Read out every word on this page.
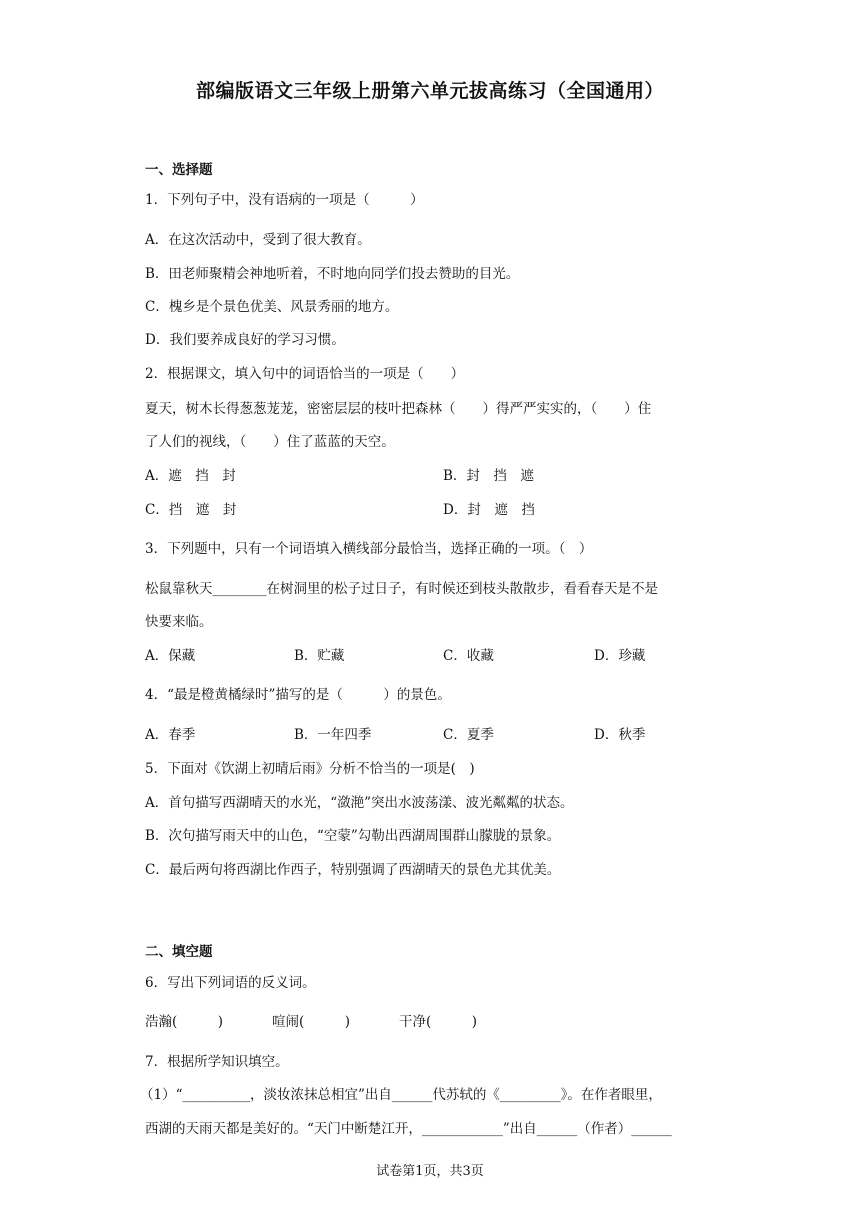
部编版语文三年级上册第六单元拔高练习（全国通用）
一、选择题
1．下列句子中，没有语病的一项是（　　　）
A．在这次活动中，受到了很大教育。
B．田老师聚精会神地听着，不时地向同学们投去赞助的目光。
C．槐乡是个景色优美、风景秀丽的地方。
D．我们要养成良好的学习习惯。
2．根据课文，填入句中的词语恰当的一项是（　　）
夏天，树木长得葱葱茏茏，密密层层的枝叶把森林（　　）得严严实实的，（　　）住
了人们的视线，（　　）住了蓝蓝的天空。
A．遮　挡　封	B．封　挡　遮
C．挡　遮　封	D．封　遮　挡
3．下列题中，只有一个词语填入横线部分最恰当，选择正确的一项。（　）
松鼠靠秋天________在树洞里的松子过日子，有时候还到枝头散散步，看看春天是不是
快要来临。
A．保藏	B．贮藏	C．收藏	D．珍藏
4．“最是橙黄橘绿时”描写的是（　　　）的景色。
A．春季	B．一年四季	C．夏季	D．秋季
5．下面对《饮湖上初晴后雨》分析不恰当的一项是(　)
A．首句描写西湖晴天的水光，“潋滟”突出水波荡漾、波光粼粼的状态。
B．次句描写雨天中的山色，“空蒙”勾勒出西湖周围群山朦胧的景象。
C．最后两句将西湖比作西子，特别强调了西湖晴天的景色尤其优美。
二、填空题
6．写出下列词语的反义词。
浩瀚(　　　)	喧闹(　　　)	干净(　　　)
7．根据所学知识填空。
（1）“__________，淡妆浓抹总相宜”出自______代苏轼的《_________》。在作者眼里，
西湖的天雨天都是美好的。“天门中断楚江开，____________”出自______（作者）______
试卷第1页，共3页
